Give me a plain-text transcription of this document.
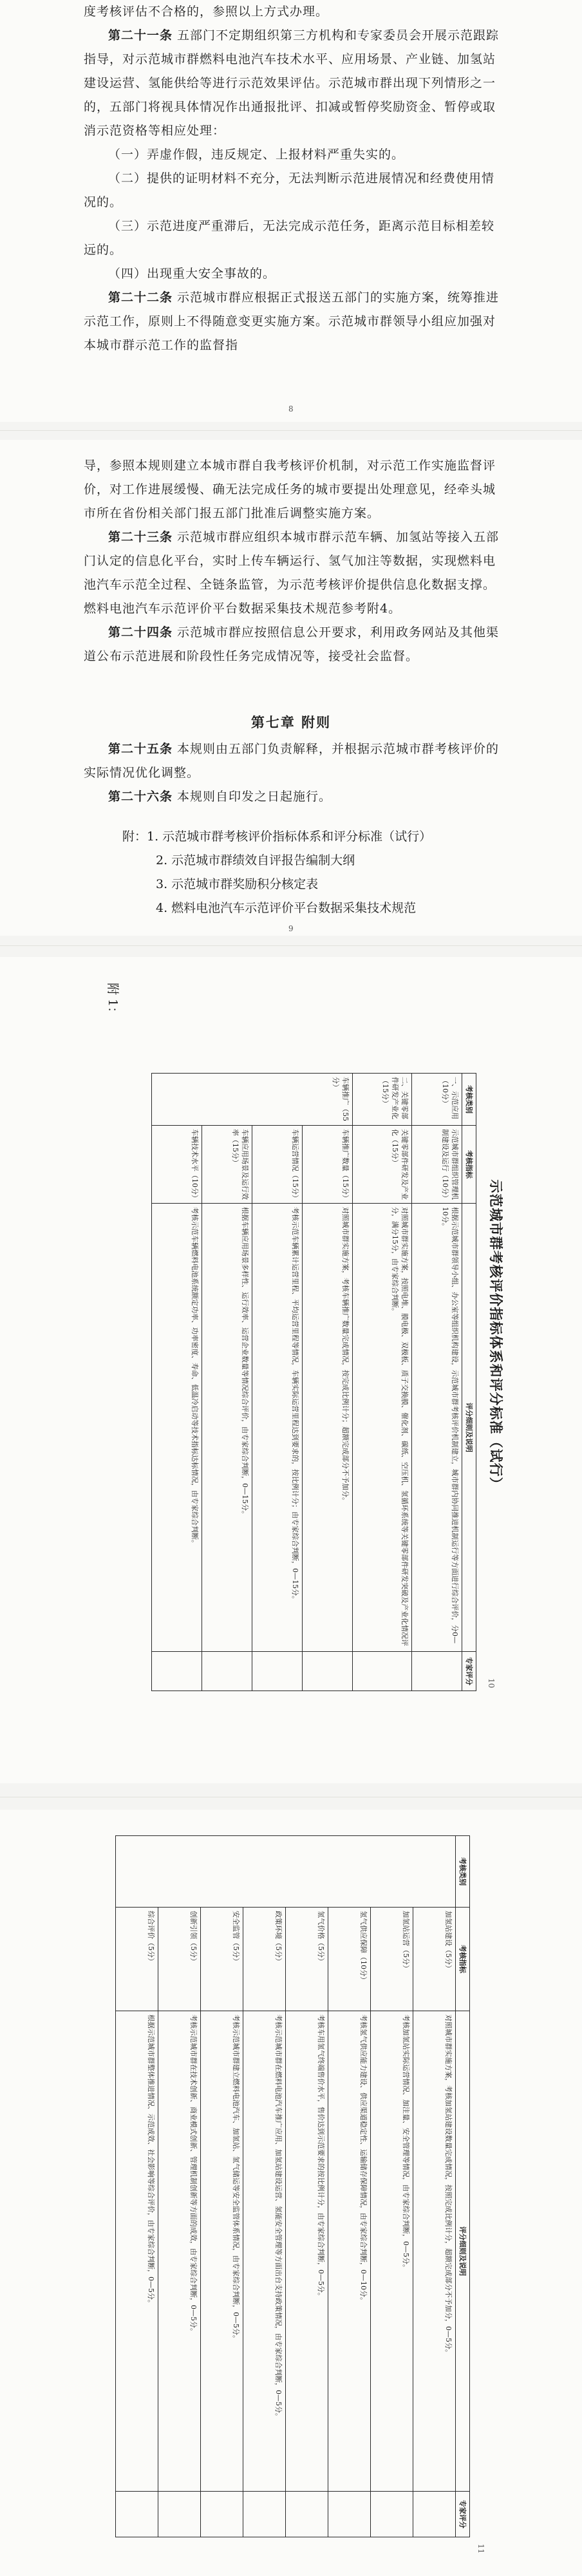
度考核评估不合格的，参照以上方式办理。

第二十一条 五部门不定期组织第三方机构和专家委员会开展示范跟踪指导，对示范城市群燃料电池汽车技术水平、应用场景、产业链、加氢站建设运营、氢能供给等进行示范效果评估。示范城市群出现下列情形之一的，五部门将视具体情况作出通报批评、扣减或暂停奖励资金、暂停或取消示范资格等相应处理：

（一）弄虚作假，违反规定、上报材料严重失实的。

（二）提供的证明材料不充分，无法判断示范进展情况和经费使用情况的。

（三）示范进度严重滞后，无法完成示范任务，距离示范目标相差较远的。

（四）出现重大安全事故的。

第二十二条 示范城市群应根据正式报送五部门的实施方案，统筹推进示范工作，原则上不得随意变更实施方案。示范城市群领导小组应加强对本城市群示范工作的监督指

8

导，参照本规则建立本城市群自我考核评价机制，对示范工作实施监督评价，对工作进展缓慢、确无法完成任务的城市要提出处理意见，经牵头城市所在省份相关部门报五部门批准后调整实施方案。

第二十三条 示范城市群应组织本城市群示范车辆、加氢站等接入五部门认定的信息化平台，实时上传车辆运行、氢气加注等数据，实现燃料电池汽车示范全过程、全链条监管，为示范考核评价提供信息化数据支撑。燃料电池汽车示范评价平台数据采集技术规范参考附4。

第二十四条 示范城市群应按照信息公开要求，利用政务网站及其他渠道公布示范进展和阶段性任务完成情况等，接受社会监督。

第七章 附则

第二十五条 本规则由五部门负责解释，并根据示范城市群考核评价的实际情况优化调整。

第二十六条 本规则自印发之日起施行。

附：1. 示范城市群考核评价指标体系和评分标准（试行）
2. 示范城市群绩效自评报告编制大纲
3. 示范城市群奖励积分核定表
4. 燃料电池汽车示范评价平台数据采集技术规范
9
附 1：
示范城市群考核评价指标体系和评分标准（试行）
考核类别	考核指标	评分细则及说明	专家评分
一、示范应用（10分）	示范城市群组织管理机制建设及运行（10分）	根据示范城市群领导小组、办公室等组织机构建设，示范城市群考核评价机制建立，城市群内协同推进机制运行等方面进行综合评价，分0—10分。	
二、关键零部件研发产业化（15分）	关键零部件研发及产业化（15分）	对照城市群实施方案，按照电堆、膜电极、双极板、质子交换膜、催化剂、碳纸、空压机、氢循环系统等关键零部件研发突破及产业化情况评分，满分15分，由专家综合判断。	
车辆推广（55分）	车辆推广数量（15分）	对照城市群实施方案，考核车辆推广数量完成情况，按完成比例计分；超额完成部分不予加分。	
	车辆运营情况（15分）	考核示范车辆累计运营里程、平均运营里程等情况，车辆实际运营里程达到要求的，按比例计分；由专家综合判断，0—15分。	
	车辆应用场景及运行效率（15分）	根据车辆应用场景多样性、运行效率、运营企业数量等情况综合评价，由专家综合判断，0—15分。	
	车辆技术水平（10分）	考核示范车辆燃料电池系统额定功率、功率密度、寿命、低温冷启动等技术指标达标情况，由专家综合判断。	
10
考核类别	考核指标	评分细则及说明	专家评分
	加氢站建设（5分）	对照城市群实施方案，考核加氢站建设数量完成情况，按照完成比例计分，超额完成部分不予加分，0—5分。	
	加氢站运营（5分）	考核加氢站实际运营情况、加注量、安全管理等情况，由专家综合判断，0—5分。	
	氢气供应保障（10分）	考核氢气供应能力建设、供应渠道稳定性、运输储存保障情况，由专家综合判断，0—10分。	
	氢气价格（5分）	考核车用氢气终端售价水平，售价达到示范要求的按比例计分，由专家综合判断，0—5分。	
	政策环境（5分）	考核示范城市群在燃料电池汽车推广应用、加氢站建设运营、氢能安全管理等方面出台支持政策情况，由专家综合判断，0—5分。	
	安全监管（5分）	考核示范城市群建立燃料电池汽车、加氢站、氢气储运等安全监管体系情况，由专家综合判断，0—5分。	
	创新引领（5分）	考核示范城市群在技术创新、商业模式创新、管理机制创新等方面的成效，由专家综合判断，0—5分。	
	综合评价（5分）	根据示范城市群整体推进情况、示范成效、社会影响等综合评价，由专家综合判断，0—5分。	
11
